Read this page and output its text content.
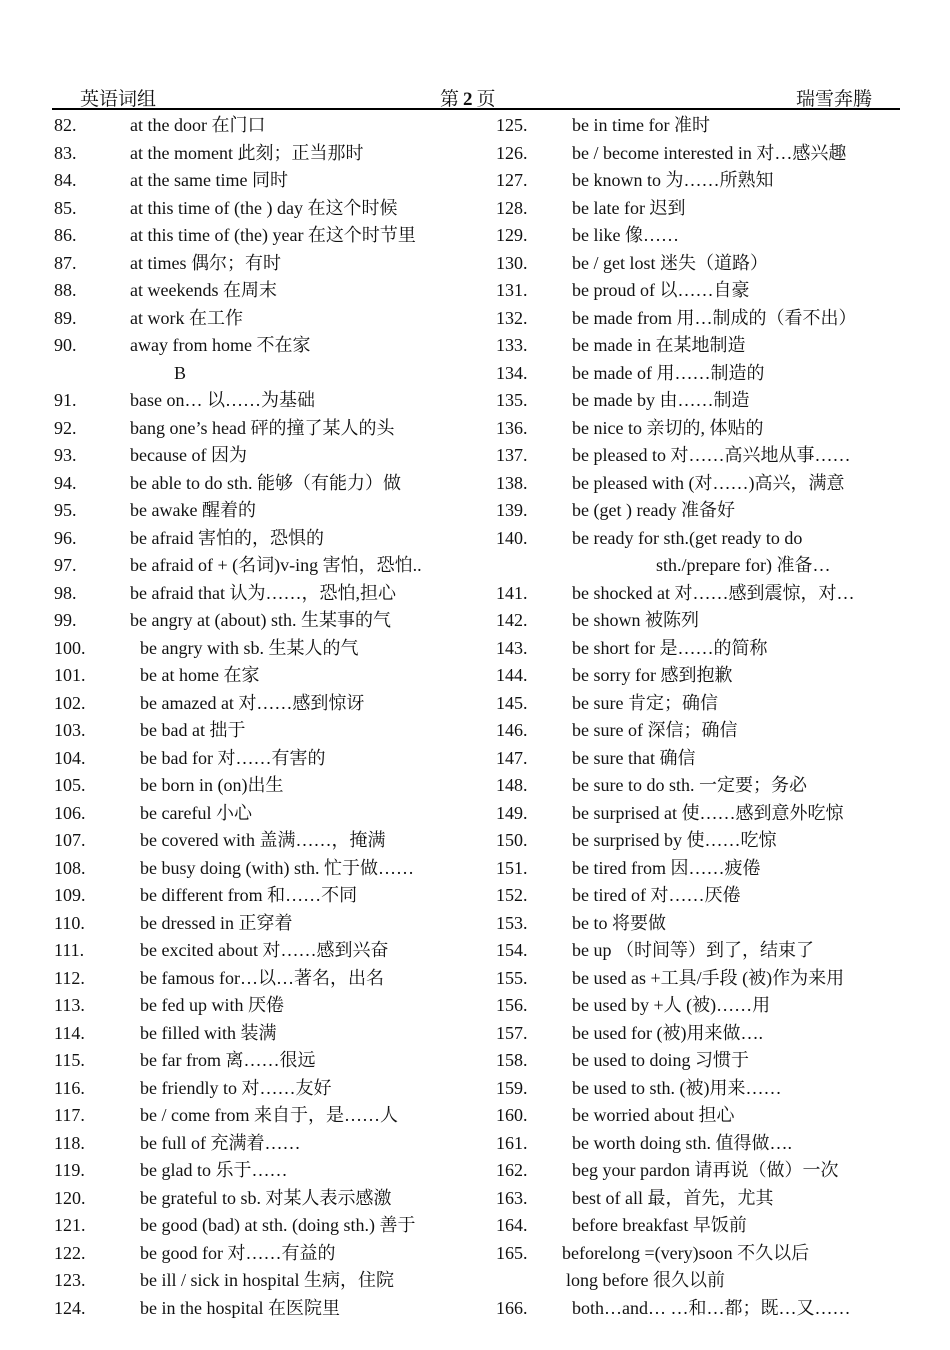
英语词组	第 2 页	瑞雪奔腾
82.	at the door 在门口
83.	at the moment 此刻；正当那时
84.	at the same time 同时
85.	at this time of (the ) day 在这个时候
86.	at this time of (the) year 在这个时节里
87.	at times 偶尔；有时
88.	at weekends 在周末
89.	at work 在工作
90.	away from home 不在家
B
91.	base on… 以……为基础
92.	bang one’s head 砰的撞了某人的头
93.	because of 因为
94.	be able to do sth. 能够（有能力）做
95.	be awake 醒着的
96.	be afraid 害怕的，恐惧的
97.	be afraid of + (名词)v-ing 害怕，恐怕..
98.	be afraid that 认为……，恐怕,担心
99.	be angry at (about) sth. 生某事的气
100.	be angry with sb. 生某人的气
101.	be at home 在家
102.	be amazed at 对……感到惊讶
103.	be bad at 拙于
104.	be bad for 对……有害的
105.	be born in (on)出生
106.	be careful 小心
107.	be covered with 盖满……，掩满
108.	be busy doing (with) sth. 忙于做……
109.	be different from 和……不同
110.	be dressed in 正穿着
111.	be excited about 对……感到兴奋
112.	be famous for…以…著名，出名
113.	be fed up with 厌倦
114.	be filled with 装满
115.	be far from 离……很远
116.	be friendly to 对……友好
117.	be / come from 来自于，是……人
118.	be full of 充满着……
119.	be glad to 乐于……
120.	be grateful to sb. 对某人表示感激
121.	be good (bad) at sth. (doing sth.) 善于
122.	be good for 对……有益的
123.	be ill / sick in hospital 生病，住院
124.	be in the hospital 在医院里
125. be in time for 准时
126. be / become interested in 对…感兴趣
127. be known to 为……所熟知
128. be late for 迟到
129. be like 像……
130. be / get lost 迷失（道路）
131. be proud of 以……自豪
132. be made from 用…制成的（看不出）
133. be made in 在某地制造
134. be made of 用……制造的
135. be made by 由……制造
136. be nice to 亲切的, 体贴的
137. be pleased to 对……高兴地从事……
138. be pleased with (对……)高兴，满意
139. be (get ) ready 准备好
140. be ready for sth.(get ready to do
sth./prepare for) 准备…
141. be shocked at 对……感到震惊，对…
142. be shown 被陈列
143. be short for 是……的简称
144. be sorry for 感到抱歉
145. be sure 肯定；确信
146. be sure of 深信；确信
147. be sure that 确信
148. be sure to do sth. 一定要；务必
149. be surprised at 使……感到意外吃惊
150. be surprised by 使……吃惊
151. be tired from 因……疲倦
152. be tired of 对……厌倦
153. be to 将要做
154. be up （时间等）到了，结束了
155. be used as +工具/手段 (被)作为来用
156. be used by +人 (被)……用
157. be used for (被)用来做….
158. be used to doing 习惯于
159. be used to sth. (被)用来……
160. be worried about 担心
161. be worth doing sth. 值得做….
162. beg your pardon 请再说（做）一次
163. best of all 最，首先，尤其
164. before breakfast 早饭前
165. beforelong =(very)soon 不久以后
long before 很久以前
166. both…and… …和…都；既…又……
